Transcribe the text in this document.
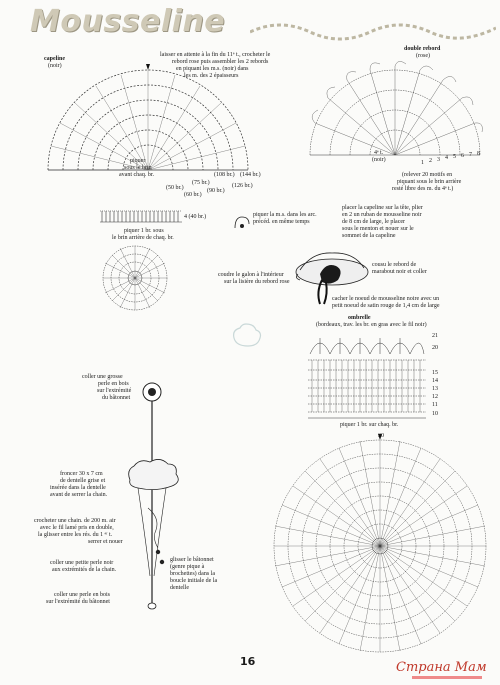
Mousseline
capeline
(noir)
laisser en attente à la fin du 11ᵉ t., crocheter le
rebord rose puis assembler les 2 rebords
en piquant les m.s. (noir) dans
les m. des 2 épaisseurs
piquer
sous le brin
avant chaq. br.
(50 br.)
(60 br.)
(75 br.)
(90 br.)
(108 br.)
(126 br.)
(144 br.)
double rebord
(rose)
4ᵉ t.
(noir)	1 2 3 4 5 6 7 8
(relever 20 motifs en
piquant sous le brin arrière
resté libre des m. du 4ᵉ t.)
4 (40 br.)
piquer 1 br. sous
le brin arrière de chaq. br.
piquer la m.s. dans les arc.
précéd. en même temps
placer la capeline sur la tête, plier
en 2 un ruban de mousseline noir
de 8 cm de large, le placer
sous le menton et nouer sur le
sommet de la capeline
coudre le galon à l'intérieur
sur la lisière du rebord rose
cousu le rebord de
marabout noir et coller
cacher le noeud de mousseline noire avec un
petit noeud de satin rouge de 1,4 cm de large
ombrelle
(bordeaux, trav. les br. en gras avec le fil noir)
21
20
15
14
13
12
11
10
piquer 1 br. sur chaq. br.
30
coller une grosse
perle en bois
sur l'extrémité
du bâtonnet
froncer 30 x 7 cm
de dentelle grise et
insérée dans la dentelle
avant de serrer la chain.
crocheter une chain. de 200 m. air
avec le fil lamé pris en double,
la glisser entre les rés. du 1 ᵉʳ t.
serrer et nouer
coller une petite perle noir
aux extrémités de la chain.
glisser le bâtonnet
(genre pique à
brochettes) dans la
boucle initiale de la
dentelle
coller une perle en bois
sur l'extrémité du bâtonnet
16	Страна Мам
